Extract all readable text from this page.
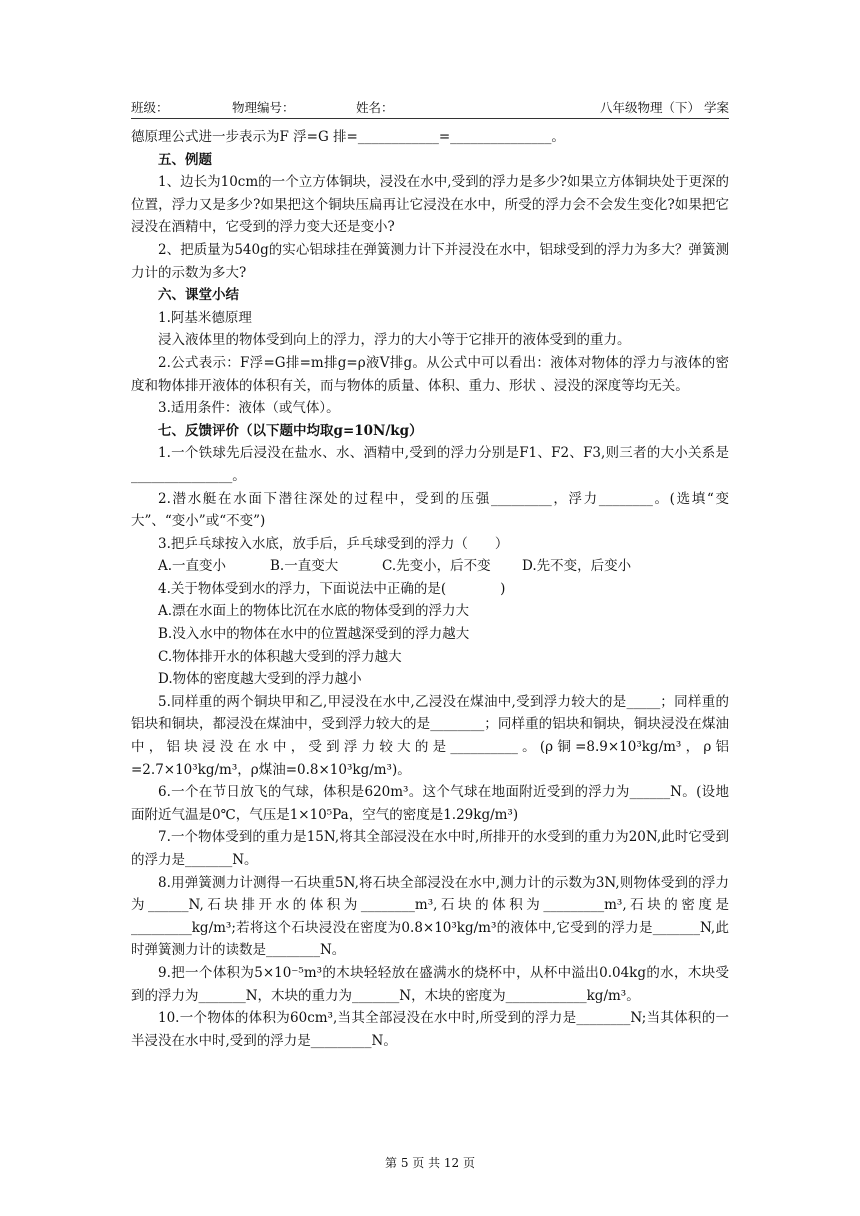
班级：	物理编号：	姓名：	八年级物理（下） 学案

德原理公式进一步表示为F 浮=G 排=____________=_______________。

五、例题

1、边长为10cm的一个立方体铜块，浸没在水中,受到的浮力是多少?如果立方体铜块处于更深的位置，浮力又是多少?如果把这个铜块压扁再让它浸没在水中，所受的浮力会不会发生变化?如果把它浸没在酒精中，它受到的浮力变大还是变小?

2、把质量为540g的实心铝球挂在弹簧测力计下并浸没在水中，铝球受到的浮力为多大？弹簧测力计的示数为多大?

六、课堂小结

1.阿基米德原理

浸入液体里的物体受到向上的浮力，浮力的大小等于它排开的液体受到的重力。

2.公式表示：F浮=G排=m排g=ρ液V排g。从公式中可以看出：液体对物体的浮力与液体的密度和物体排开液体的体积有关，而与物体的质量、体积、重力、形状 、浸没的深度等均无关。

3.适用条件：液体（或气体）。

七、反馈评价（以下题中均取g=10N/kg）

1.一个铁球先后浸没在盐水、水、酒精中,受到的浮力分别是F1、F2、F3,则三者的大小关系是_______________。

2.潜水艇在水面下潜往深处的过程中，受到的压强_________，浮力________。(选填“变大”、“变小”或“不变”)

3.把乒乓球按入水底，放手后，乒乓球受到的浮力（　　）

A.一直变小	B.一直变大	C.先变小，后不变 D.先不变，后变小

4.关于物体受到水的浮力，下面说法中正确的是(　　　　)

A.漂在水面上的物体比沉在水底的物体受到的浮力大

B.没入水中的物体在水中的位置越深受到的浮力越大

C.物体排开水的体积越大受到的浮力越大

D.物体的密度越大受到的浮力越小

5.同样重的两个铜块甲和乙,甲浸没在水中,乙浸没在煤油中,受到浮力较大的是_____；同样重的铝块和铜块，都浸没在煤油中，受到浮力较大的是________；同样重的铝块和铜块，铜块浸没在煤油中，铝块浸没在水中，受到浮力较大的是__________。(ρ铜=8.9×10³kg/m³，ρ铝=2.7×10³kg/m³，ρ煤油=0.8×10³kg/m³)。

6.一个在节日放飞的气球，体积是620m³。这个气球在地面附近受到的浮力为______N。(设地面附近气温是0℃，气压是1×10⁵Pa，空气的密度是1.29kg/m³)

7.一个物体受到的重力是15N,将其全部浸没在水中时,所排开的水受到的重力为20N,此时它受到的浮力是_______N。

8.用弹簧测力计测得一石块重5N,将石块全部浸没在水中,测力计的示数为3N,则物体受到的浮力为______N,石块排开水的体积为________m³,石块的体积为_________m³,石块的密度是_________kg/m³;若将这个石块浸没在密度为0.8×10³kg/m³的液体中,它受到的浮力是_______N,此时弹簧测力计的读数是________N。

9.把一个体积为5×10⁻⁵m³的木块轻轻放在盛满水的烧杯中，从杯中溢出0.04kg的水，木块受到的浮力为_______N，木块的重力为_______N，木块的密度为____________kg/m³。

10.一个物体的体积为60cm³,当其全部浸没在水中时,所受到的浮力是________N;当其体积的一半浸没在水中时,受到的浮力是_________N。

第 5 页 共 12 页
